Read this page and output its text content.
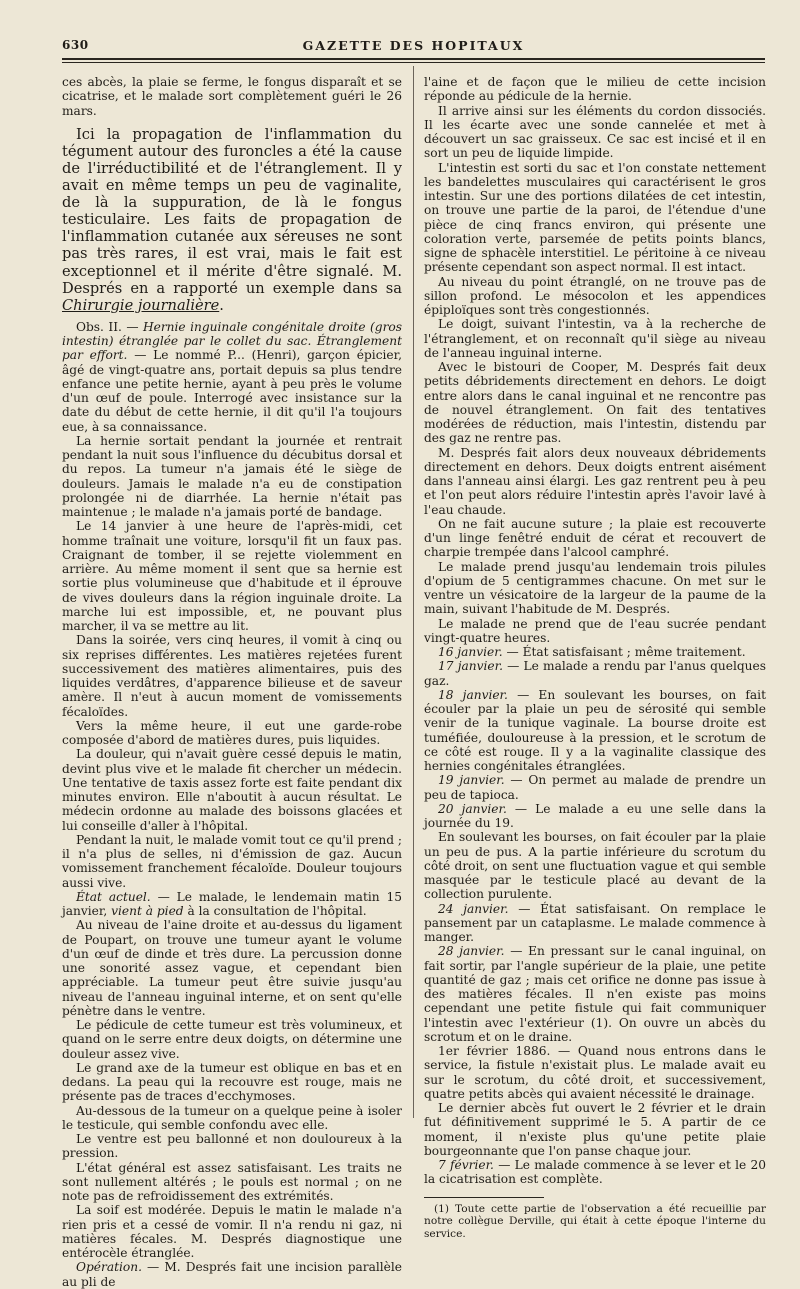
630	GAZETTE DES HOPITAUX

ces abcès, la plaie se ferme, le fongus disparaît et se cicatrise, et le malade sort complètement guéri le 26 mars.

Ici la propagation de l'inflammation du tégument autour des furoncles a été la cause de l'irréductibilité et de l'étranglement. Il y avait en même temps un peu de vaginalite, de là la suppuration, de là le fongus testiculaire. Les faits de propagation de l'inflammation cutanée aux séreuses ne sont pas très rares, il est vrai, mais le fait est exceptionnel et il mérite d'être signalé. M. Després en a rapporté un exemple dans sa Chirurgie journalière.

Obs. II. — Hernie inguinale congénitale droite (gros intestin) étranglée par le collet du sac. Étranglement par effort. — Le nommé P... (Henri), garçon épicier, âgé de vingt-quatre ans, portait depuis sa plus tendre enfance une petite hernie, ayant à peu près le volume d'un œuf de poule. Interrogé avec insistance sur la date du début de cette hernie, il dit qu'il l'a toujours eue, à sa connaissance.

La hernie sortait pendant la journée et rentrait pendant la nuit sous l'influence du décubitus dorsal et du repos. La tumeur n'a jamais été le siège de douleurs. Jamais le malade n'a eu de constipation prolongée ni de diarrhée. La hernie n'était pas maintenue ; le malade n'a jamais porté de bandage.

Le 14 janvier à une heure de l'après-midi, cet homme traînait une voiture, lorsqu'il fit un faux pas. Craignant de tomber, il se rejette violemment en arrière. Au même moment il sent que sa hernie est sortie plus volumineuse que d'habitude et il éprouve de vives douleurs dans la région inguinale droite. La marche lui est impossible, et, ne pouvant plus marcher, il va se mettre au lit.

Dans la soirée, vers cinq heures, il vomit à cinq ou six reprises différentes. Les matières rejetées furent successivement des matières alimentaires, puis des liquides verdâtres, d'apparence bilieuse et de saveur amère. Il n'eut à aucun moment de vomissements fécaloïdes.

Vers la même heure, il eut une garde-robe composée d'abord de matières dures, puis liquides.

La douleur, qui n'avait guère cessé depuis le matin, devint plus vive et le malade fit chercher un médecin. Une tentative de taxis assez forte est faite pendant dix minutes environ. Elle n'aboutit à aucun résultat. Le médecin ordonne au malade des boissons glacées et lui conseille d'aller à l'hôpital.

Pendant la nuit, le malade vomit tout ce qu'il prend ; il n'a plus de selles, ni d'émission de gaz. Aucun vomissement franchement fécaloïde. Douleur toujours aussi vive.

État actuel. — Le malade, le lendemain matin 15 janvier, vient à pied à la consultation de l'hôpital.

Au niveau de l'aine droite et au-dessus du ligament de Poupart, on trouve une tumeur ayant le volume d'un œuf de dinde et très dure. La percussion donne une sonorité assez vague, et cependant bien appréciable. La tumeur peut être suivie jusqu'au niveau de l'anneau inguinal interne, et on sent qu'elle pénètre dans le ventre.

Le pédicule de cette tumeur est très volumineux, et quand on le serre entre deux doigts, on détermine une douleur assez vive.

Le grand axe de la tumeur est oblique en bas et en dedans. La peau qui la recouvre est rouge, mais ne présente pas de traces d'ecchymoses.

Au-dessous de la tumeur on a quelque peine à isoler le testicule, qui semble confondu avec elle.

Le ventre est peu ballonné et non douloureux à la pression.

L'état général est assez satisfaisant. Les traits ne sont nullement altérés ; le pouls est normal ; on ne note pas de refroidissement des extrémités.

La soif est modérée. Depuis le matin le malade n'a rien pris et a cessé de vomir. Il n'a rendu ni gaz, ni matières fécales. M. Després diagnostique une entérocèle étranglée.

Opération. — M. Després fait une incision parallèle au pli de

l'aine et de façon que le milieu de cette incision réponde au pédicule de la hernie.

Il arrive ainsi sur les éléments du cordon dissociés. Il les écarte avec une sonde cannelée et met à découvert un sac graisseux. Ce sac est incisé et il en sort un peu de liquide limpide.

L'intestin est sorti du sac et l'on constate nettement les bandelettes musculaires qui caractérisent le gros intestin. Sur une des portions dilatées de cet intestin, on trouve une partie de la paroi, de l'étendue d'une pièce de cinq francs environ, qui présente une coloration verte, parsemée de petits points blancs, signe de sphacèle interstitiel. Le péritoine à ce niveau présente cependant son aspect normal. Il est intact.

Au niveau du point étranglé, on ne trouve pas de sillon profond. Le mésocolon et les appendices épiploïques sont très congestionnés.

Le doigt, suivant l'intestin, va à la recherche de l'étranglement, et on reconnaît qu'il siège au niveau de l'anneau inguinal interne.

Avec le bistouri de Cooper, M. Després fait deux petits débridements directement en dehors. Le doigt entre alors dans le canal inguinal et ne rencontre pas de nouvel étranglement. On fait des tentatives modérées de réduction, mais l'intestin, distendu par des gaz ne rentre pas.

M. Després fait alors deux nouveaux débridements directement en dehors. Deux doigts entrent aisément dans l'anneau ainsi élargi. Les gaz rentrent peu à peu et l'on peut alors réduire l'intestin après l'avoir lavé à l'eau chaude.

On ne fait aucune suture ; la plaie est recouverte d'un linge fenêtré enduit de cérat et recouvert de charpie trempée dans l'alcool camphré.

Le malade prend jusqu'au lendemain trois pilules d'opium de 5 centigrammes chacune. On met sur le ventre un vésicatoire de la largeur de la paume de la main, suivant l'habitude de M. Després.

Le malade ne prend que de l'eau sucrée pendant vingt-quatre heures.

16 janvier. — État satisfaisant ; même traitement.

17 janvier. — Le malade a rendu par l'anus quelques gaz.

18 janvier. — En soulevant les bourses, on fait écouler par la plaie un peu de sérosité qui semble venir de la tunique vaginale. La bourse droite est tuméfiée, douloureuse à la pression, et le scrotum de ce côté est rouge. Il y a la vaginalite classique des hernies congénitales étranglées.

19 janvier. — On permet au malade de prendre un peu de tapioca.

20 janvier. — Le malade a eu une selle dans la journée du 19.

En soulevant les bourses, on fait écouler par la plaie un peu de pus. A la partie inférieure du scrotum du côté droit, on sent une fluctuation vague et qui semble masquée par le testicule placé au devant de la collection purulente.

24 janvier. — État satisfaisant. On remplace le pansement par un cataplasme. Le malade commence à manger.

28 janvier. — En pressant sur le canal inguinal, on fait sortir, par l'angle supérieur de la plaie, une petite quantité de gaz ; mais cet orifice ne donne pas issue à des matières fécales. Il n'en existe pas moins cependant une petite fistule qui fait communiquer l'intestin avec l'extérieur (1). On ouvre un abcès du scrotum et on le draine.

1er février 1886. — Quand nous entrons dans le service, la fistule n'existait plus. Le malade avait eu sur le scrotum, du côté droit, et successivement, quatre petits abcès qui avaient nécessité le drainage.

Le dernier abcès fut ouvert le 2 février et le drain fut définitivement supprimé le 5. A partir de ce moment, il n'existe plus qu'une petite plaie bourgeonnante que l'on panse chaque jour.

7 février. — Le malade commence à se lever et le 20 la cicatrisation est complète.

(1) Toute cette partie de l'observation a été recueillie par notre collègue Derville, qui était à cette époque l'interne du service.
